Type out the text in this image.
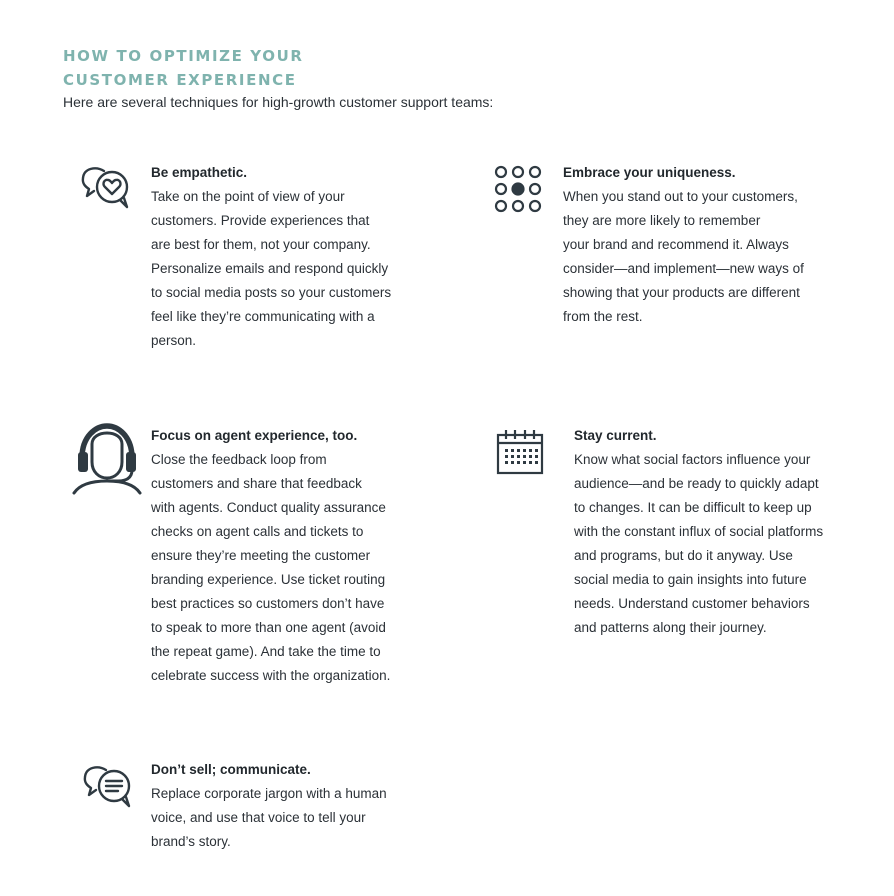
HOW TO OPTIMIZE YOUR
CUSTOMER EXPERIENCE

Here are several techniques for high-growth customer support teams:

Be empathetic.
Take on the point of view of your
customers. Provide experiences that
are best for them, not your company.
Personalize emails and respond quickly
to social media posts so your customers
feel like they’re communicating with a
person.
Embrace your uniqueness.
When you stand out to your customers,
they are more likely to remember
your brand and recommend it. Always
consider—and implement—new ways of
showing that your products are different
from the rest.
Focus on agent experience, too.
Close the feedback loop from
customers and share that feedback
with agents. Conduct quality assurance
checks on agent calls and tickets to
ensure they’re meeting the customer
branding experience. Use ticket routing
best practices so customers don’t have
to speak to more than one agent (avoid
the repeat game). And take the time to
celebrate success with the organization.
Stay current.
Know what social factors influence your
audience—and be ready to quickly adapt
to changes. It can be difficult to keep up
with the constant influx of social platforms
and programs, but do it anyway. Use
social media to gain insights into future
needs. Understand customer behaviors
and patterns along their journey.
Don’t sell; communicate.
Replace corporate jargon with a human
voice, and use that voice to tell your
brand’s story.
